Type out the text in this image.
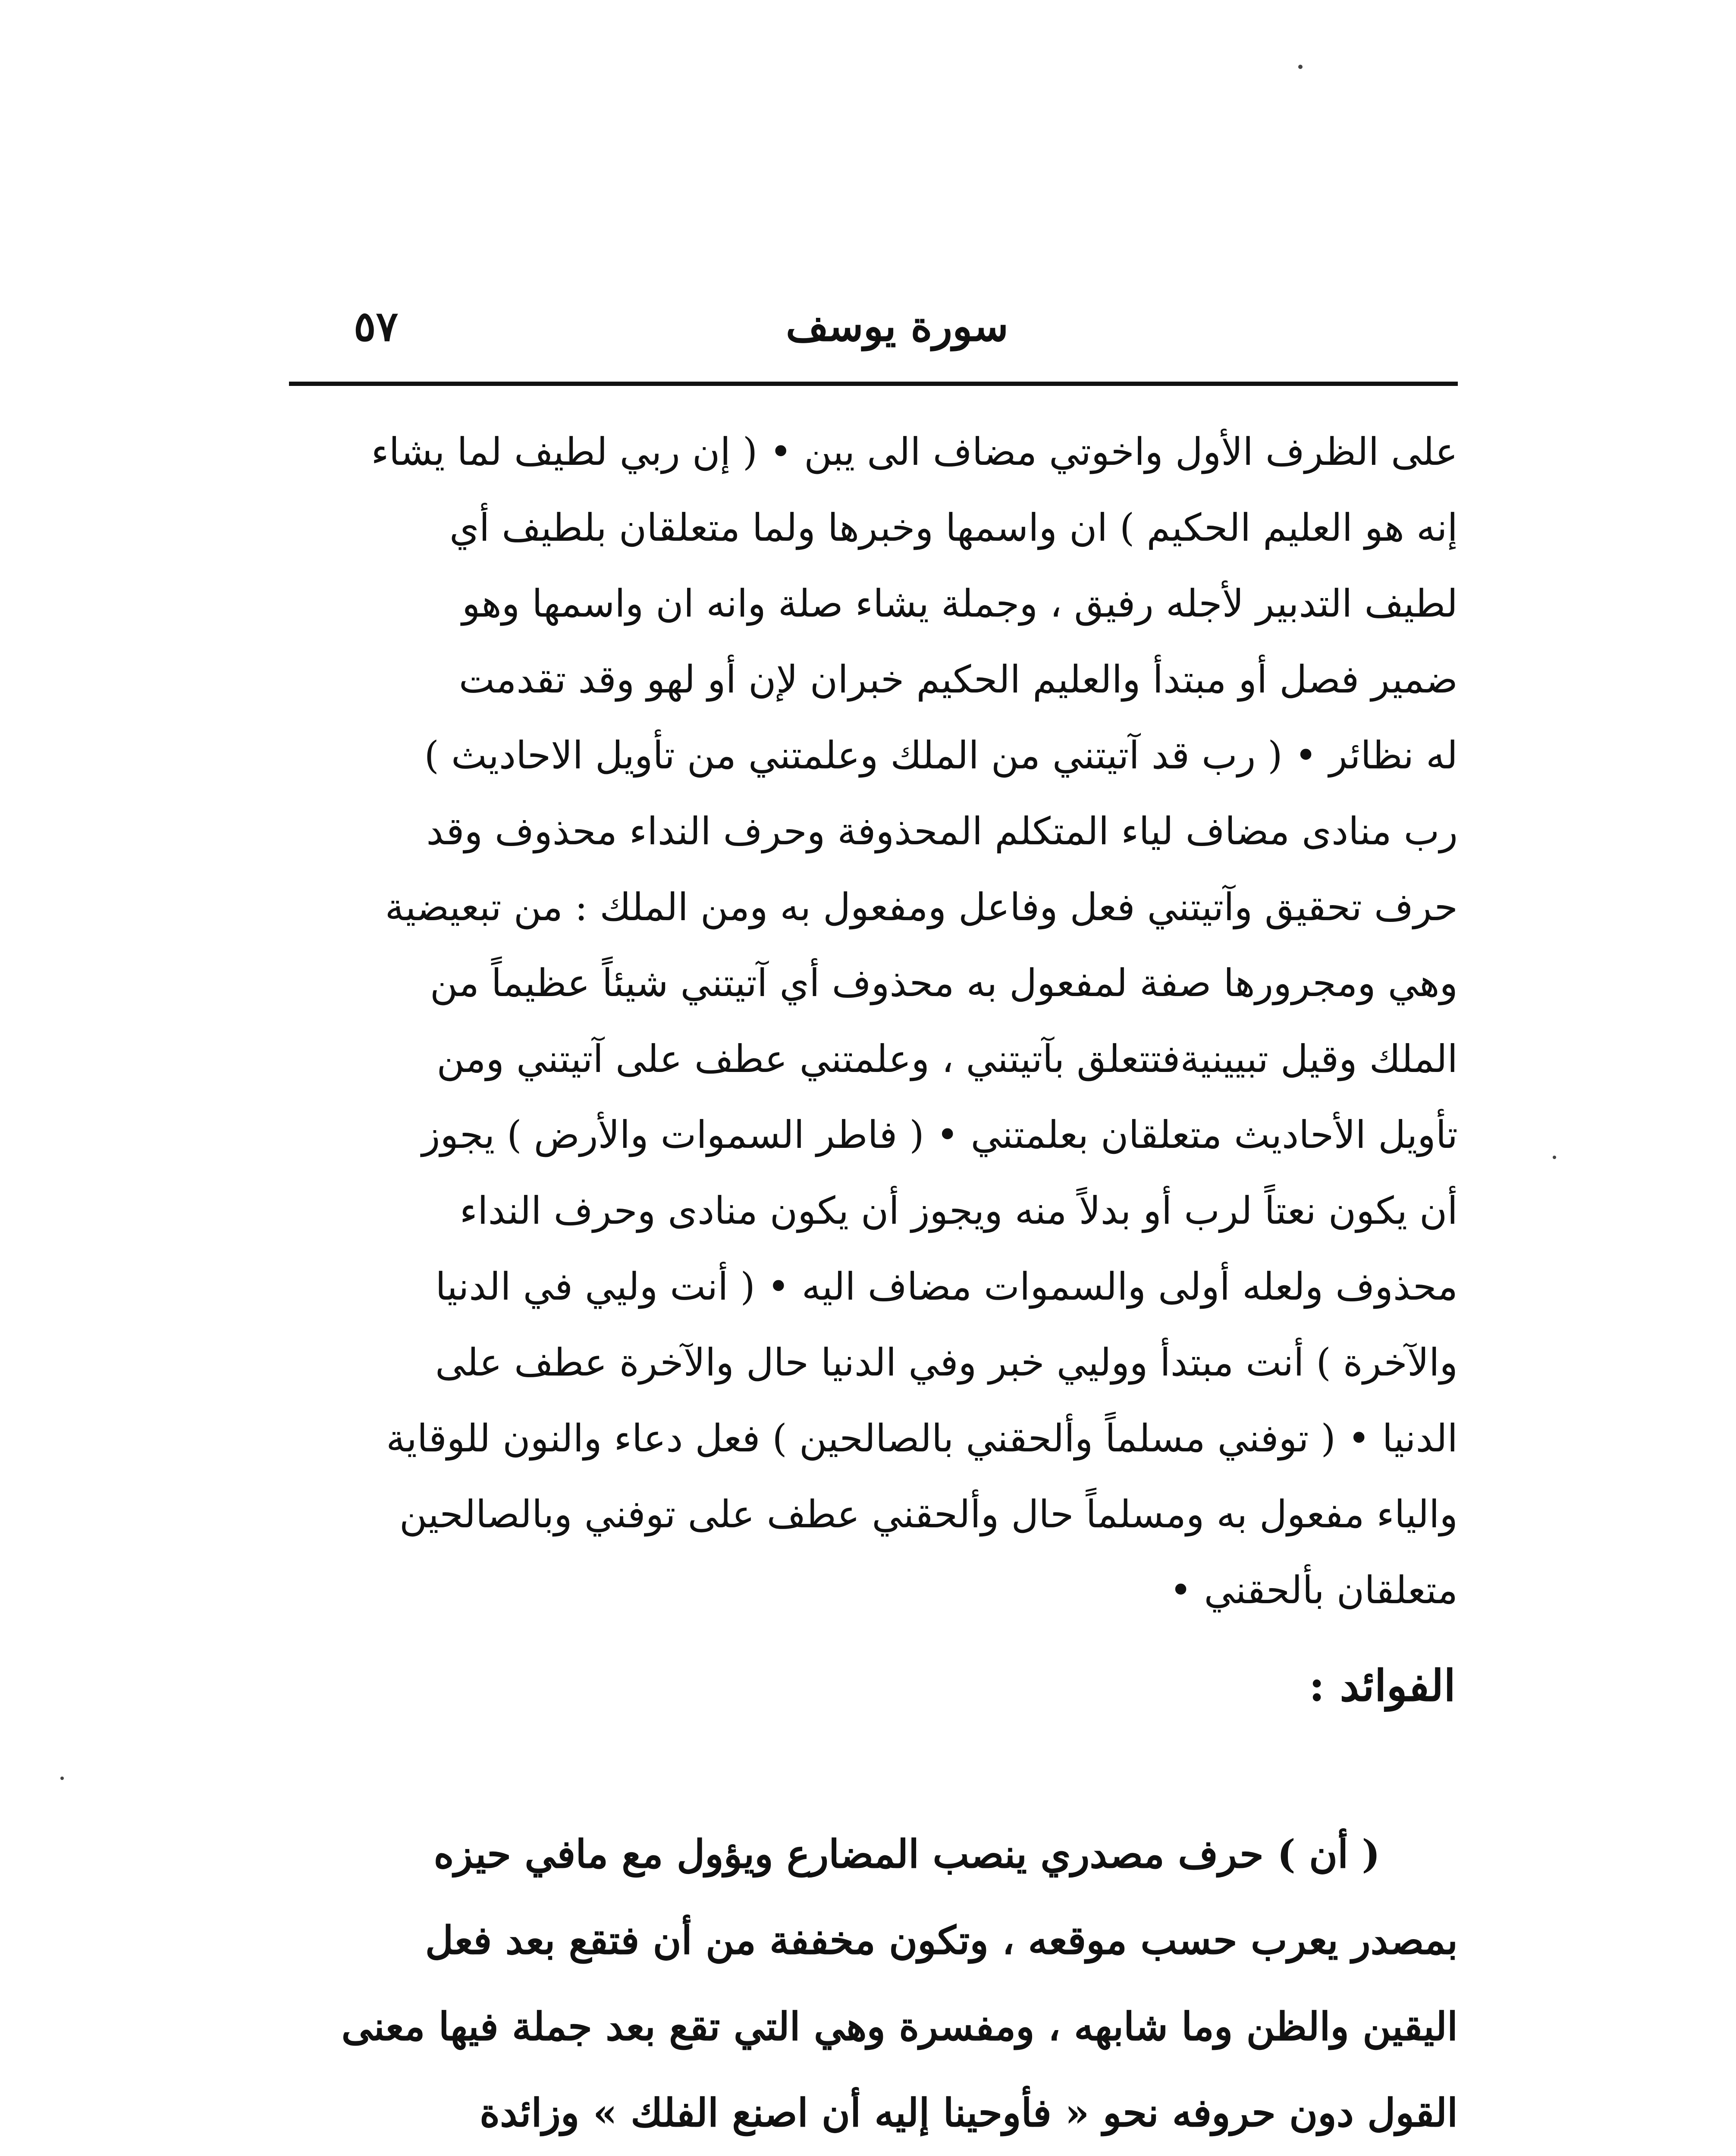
٥٧	سورة يوسف
على الظرف الأول واخوتي مضاف الى يبن • ( إن ربي لطيف لما يشاء
إنه هو العليم الحكيم ) ان واسمها وخبرها ولما متعلقان بلطيف أي
لطيف التدبير لأجله رفيق ، وجملة يشاء صلة وانه ان واسمها وهو
ضمير فصل أو مبتدأ والعليم الحكيم خبران لإن أو لهو وقد تقدمت
له نظائر • ( رب قد آتيتني من الملك وعلمتني من تأويل الاحاديث )
رب منادى مضاف لياء المتكلم المحذوفة وحرف النداء محذوف وقد
حرف تحقيق وآتيتني فعل وفاعل ومفعول به ومن الملك : من تبعيضية
وهي ومجرورها صفة لمفعول به محذوف أي آتيتني شيئاً عظيماً من
الملك وقيل تبيينيةفتتعلق بآتيتني ، وعلمتني عطف على آتيتني ومن
تأويل الأحاديث متعلقان بعلمتني • ( فاطر السموات والأرض ) يجوز
أن يكون نعتاً لرب أو بدلاً منه ويجوز أن يكون منادى وحرف النداء
محذوف ولعله أولى والسموات مضاف اليه • ( أنت وليي في الدنيا
والآخرة ) أنت مبتدأ ووليي خبر وفي الدنيا حال والآخرة عطف على
الدنيا • ( توفني مسلماً وألحقني بالصالحين ) فعل دعاء والنون للوقاية
والياء مفعول به ومسلماً حال وألحقني عطف على توفني وبالصالحين
متعلقان بألحقني •
الفوائد :
( أن ) حرف مصدري ينصب المضارع ويؤول مع مافي حيزه
بمصدر يعرب حسب موقعه ، وتكون مخففة من أن فتقع بعد فعل
اليقين والظن وما شابهه ، ومفسرة وهي التي تقع بعد جملة فيها معنى
القول دون حروفه نحو « فأوحينا إليه أن اصنع الفلك » وزائدة
